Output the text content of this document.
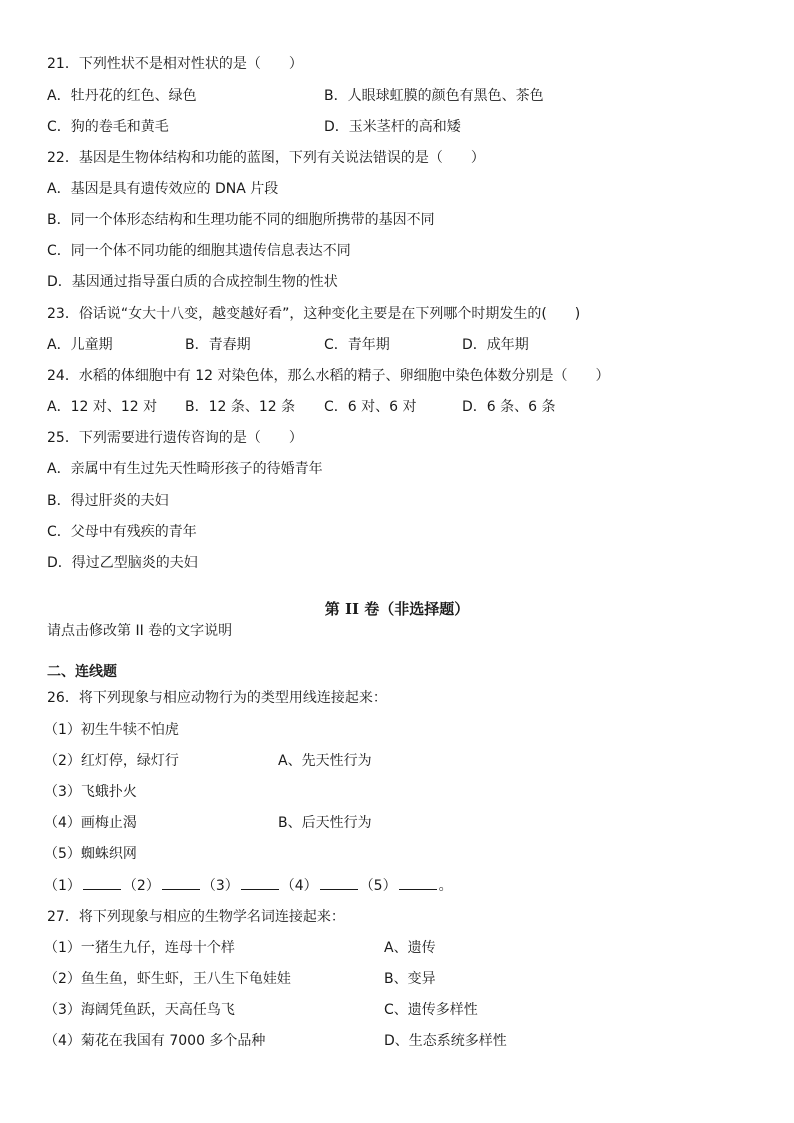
21．下列性状不是相对性状的是（　　）
A．牡丹花的红色、绿色	B．人眼球虹膜的颜色有黑色、茶色
C．狗的卷毛和黄毛	D．玉米茎杆的高和矮
22．基因是生物体结构和功能的蓝图，下列有关说法错误的是（　　）
A．基因是具有遗传效应的 DNA 片段
B．同一个体形态结构和生理功能不同的细胞所携带的基因不同
C．同一个体不同功能的细胞其遗传信息表达不同
D．基因通过指导蛋白质的合成控制生物的性状
23．俗话说“女大十八变，越变越好看”，这种变化主要是在下列哪个时期发生的(　　)
A．儿童期	B．青春期	C．青年期	D．成年期
24．水稻的体细胞中有 12 对染色体，那么水稻的精子、卵细胞中染色体数分别是（　　）
A．12 对、12 对 B．12 条、12 条 C．6 对、6 对	D．6 条、6 条
25．下列需要进行遗传咨询的是（　　）
A．亲属中有生过先天性畸形孩子的待婚青年
B．得过肝炎的夫妇
C．父母中有残疾的青年
D．得过乙型脑炎的夫妇
第 II 卷（非选择题）
请点击修改第 II 卷的文字说明
二、连线题
26．将下列现象与相应动物行为的类型用线连接起来：
（1）初生牛犊不怕虎
（2）红灯停，绿灯行	A、先天性行为
（3）飞蛾扑火
（4）画梅止渴	B、后天性行为
（5）蜘蛛织网
（1）	（2）	（3）	（4）	（5）	。
27．将下列现象与相应的生物学名词连接起来：
（1）一猪生九仔，连母十个样	A、遗传
（2）鱼生鱼，虾生虾，王八生下龟娃娃	B、变异
（3）海阔凭鱼跃，天高任鸟飞	C、遗传多样性
（4）菊花在我国有 7000 多个品种	D、生态系统多样性
